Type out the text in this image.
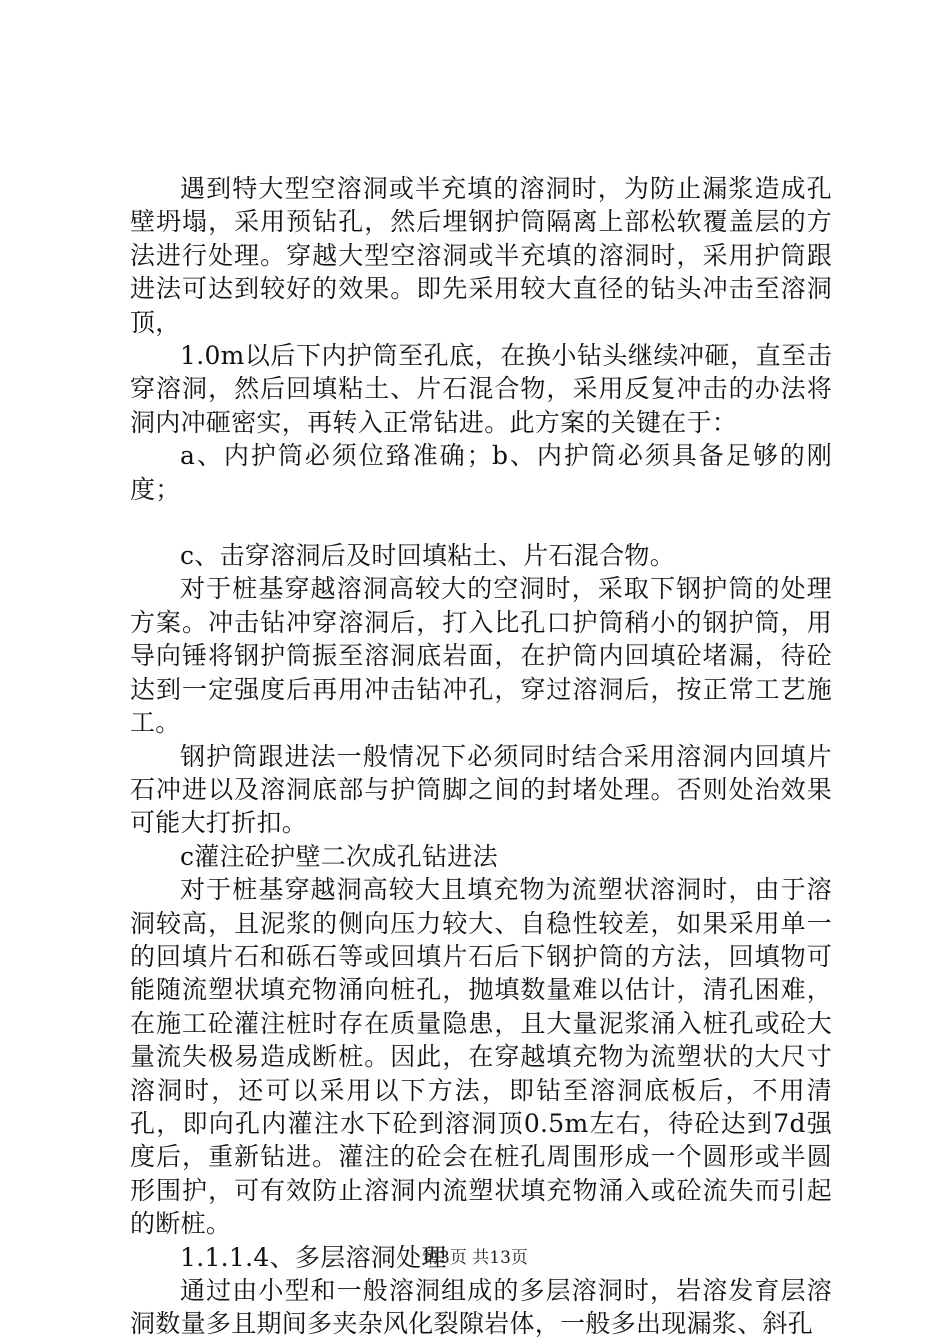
遇到特大型空溶洞或半充填的溶洞时，为防止漏浆造成孔壁坍塌，采用预钻孔，然后埋钢护筒隔离上部松软覆盖层的方法进行处理。穿越大型空溶洞或半充填的溶洞时，采用护筒跟进法可达到较好的效果。即先采用较大直径的钻头冲击至溶洞顶，

1.0m以后下内护筒至孔底，在换小钻头继续冲砸，直至击穿溶洞，然后回填粘土、片石混合物，采用反复冲击的办法将洞内冲砸密实，再转入正常钻进。此方案的关键在于：

a、内护筒必须位臵准确；b、内护筒必须具备足够的刚度；

c、击穿溶洞后及时回填粘土、片石混合物。

对于桩基穿越溶洞高较大的空洞时，采取下钢护筒的处理方案。冲击钻冲穿溶洞后，打入比孔口护筒稍小的钢护筒，用导向锤将钢护筒振至溶洞底岩面，在护筒内回填砼堵漏，待砼达到一定强度后再用冲击钻冲孔，穿过溶洞后，按正常工艺施工。

钢护筒跟进法一般情况下必须同时结合采用溶洞内回填片石冲进以及溶洞底部与护筒脚之间的封堵处理。否则处治效果可能大打折扣。

c灌注砼护壁二次成孔钻进法

对于桩基穿越洞高较大且填充物为流塑状溶洞时，由于溶洞较高，且泥浆的侧向压力较大、自稳性较差，如果采用单一的回填片石和砾石等或回填片石后下钢护筒的方法，回填物可能随流塑状填充物涌向桩孔，抛填数量难以估计，清孔困难，在施工砼灌注桩时存在质量隐患，且大量泥浆涌入桩孔或砼大量流失极易造成断桩。因此，在穿越填充物为流塑状的大尺寸溶洞时，还可以采用以下方法，即钻至溶洞底板后，不用清孔，即向孔内灌注水下砼到溶洞顶0.5m左右，待砼达到7d强度后，重新钻进。灌注的砼会在桩孔周围形成一个圆形或半圆形围护，可有效防止溶洞内流塑状填充物涌入或砼流失而引起的断桩。

1.1.1.4、多层溶洞处理

通过由小型和一般溶洞组成的多层溶洞时，岩溶发育层溶洞数量多且期间多夹杂风化裂隙岩体，一般多出现漏浆、斜孔

第3页 共13页
